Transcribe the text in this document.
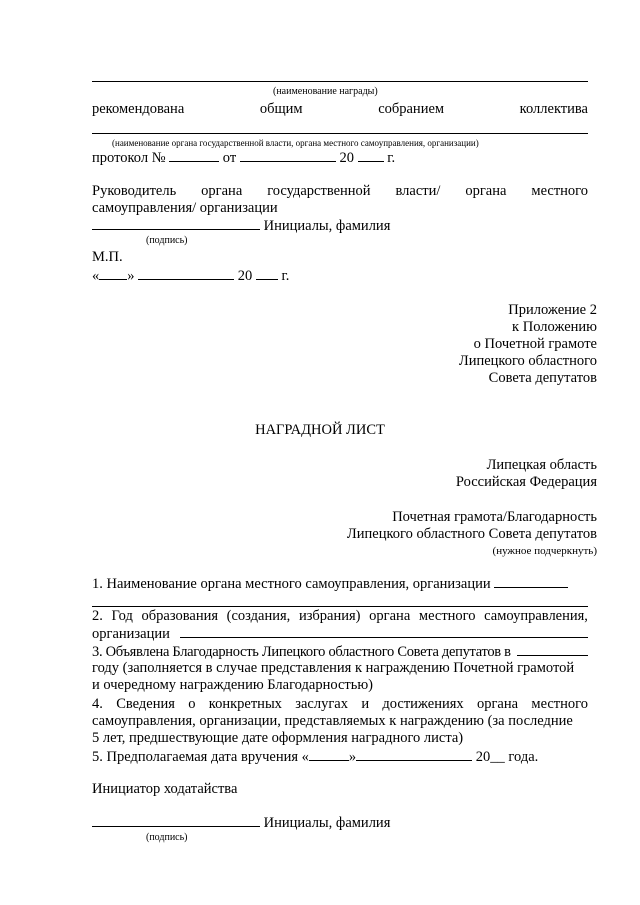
(наименование награды)
рекомендована	общим	собранием	коллектива
(наименование органа государственной власти, органа местного самоуправления, организации)
протокол №	от	20 г.
Руководитель органа государственной власти/ органа местного
самоуправления/ организации
Инициалы, фамилия
(подпись)
М.П.
« »	20 г.
Приложение 2
к Положению
о Почетной грамоте
Липецкого областного
Совета депутатов
НАГРАДНОЙ ЛИСТ
Липецкая область
Российская Федерация
Почетная грамота/Благодарность
Липецкого областного Совета депутатов
(нужное подчеркнуть)
1. Наименование органа местного самоуправления, организации
2. Год образования (создания, избрания) органа местного самоуправления,
организации
3. Объявлена Благодарность Липецкого областного Совета депутатов в
году (заполняется в случае представления к награждению Почетной грамотой
и очередному награждению Благодарностью)
4. Сведения о конкретных заслугах и достижениях органа местного
самоуправления, организации, представляемых к награждению (за последние
5 лет, предшествующие дате оформления наградного листа)
5. Предполагаемая дата вручения «	»	20__ года.
Инициатор ходатайства
Инициалы, фамилия
(подпись)
